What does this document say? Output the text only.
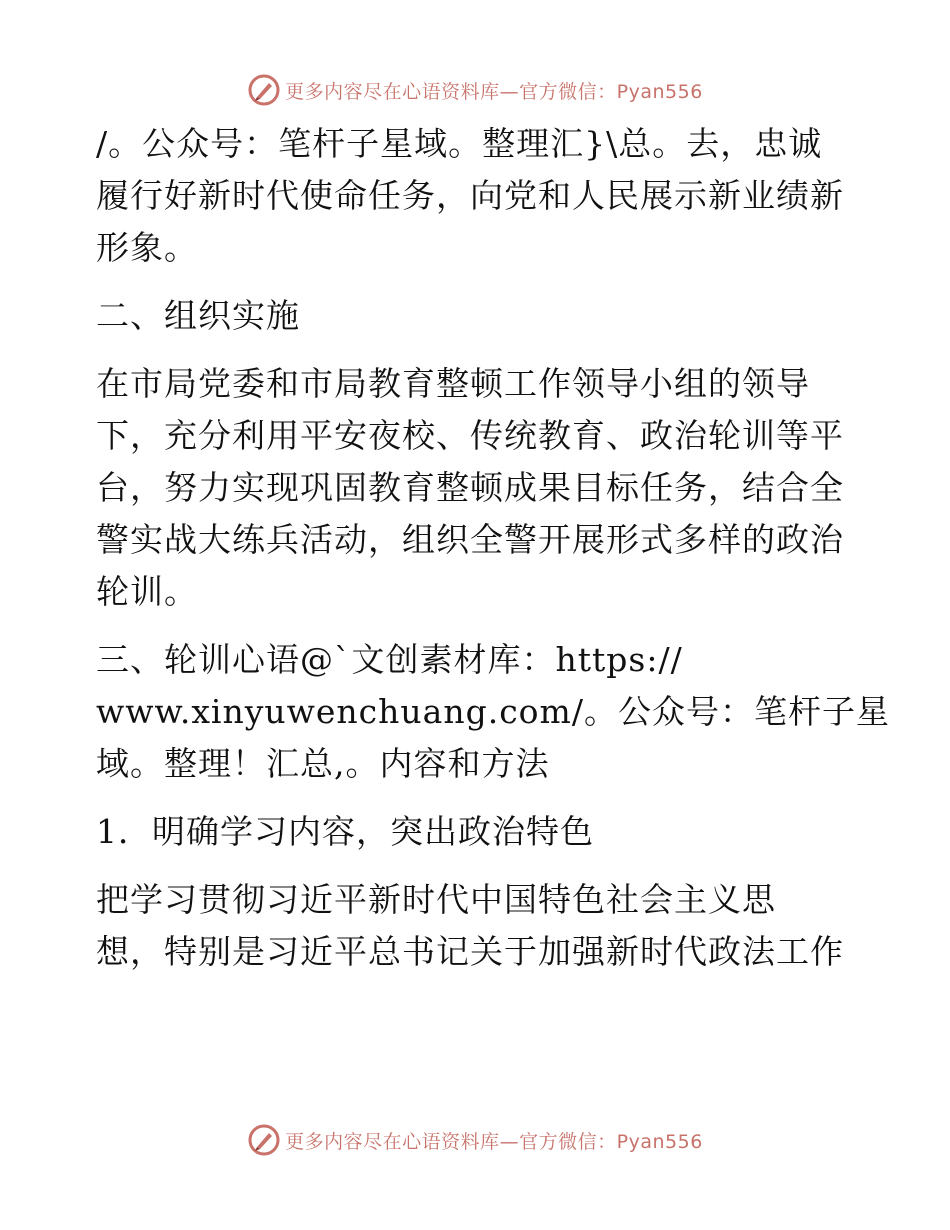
更多内容尽在心语资料库—官方微信：Pyan556
/。公众号：笔杆子星域。整理汇}\总。去，忠诚
履行好新时代使命任务，向党和人民展示新业绩新
形象。
二、组织实施
在市局党委和市局教育整顿工作领导小组的领导
下，充分利用平安夜校、传统教育、政治轮训等平
台，努力实现巩固教育整顿成果目标任务，结合全
警实战大练兵活动，组织全警开展形式多样的政治
轮训。
三、轮训心语@`文创素材库：https://
www.xinyuwenchuang.com/。公众号：笔杆子星
域。整理！汇总,。内容和方法
1．明确学习内容，突出政治特色
把学习贯彻习近平新时代中国特色社会主义思
想，特别是习近平总书记关于加强新时代政法工作
更多内容尽在心语资料库—官方微信：Pyan556
